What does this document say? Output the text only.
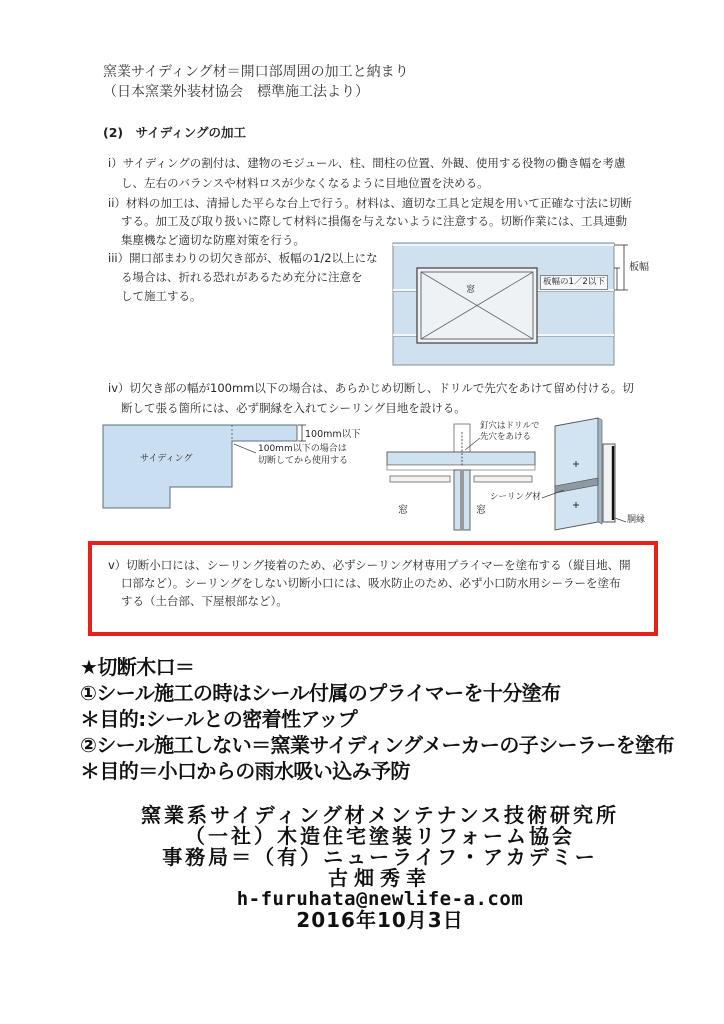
窯業サイディング材＝開口部周囲の加工と納まり
（日本窯業外装材協会　標準施工法より）
(2)　サイディングの加工
i）サイディングの割付は、建物のモジュール、柱、間柱の位置、外観、使用する役物の働き幅を考慮
し、左右のバランスや材料ロスが少なくなるように目地位置を決める。
ii）材料の加工は、清掃した平らな台上で行う。材料は、適切な工具と定規を用いて正確な寸法に切断
する。加工及び取り扱いに際して材料に損傷を与えないように注意する。切断作業には、工具連動
集塵機など適切な防塵対策を行う。
iii）開口部まわりの切欠き部が、板幅の1/2以上にな
る場合は、折れる恐れがあるため充分に注意を
して施工する。	窓
板幅の1／2以下
板幅
iv）切欠き部の幅が100mm以下の場合は、あらかじめ切断し、ドリルで先穴をあけて留め付ける。切
断して張る箇所には、必ず胴縁を入れてシーリング目地を設ける。
100mm以下
サイディング
100mm以下の場合は
切断してから使用する
釘穴はドリルで
先穴をあける
窓	窓
シーリング材
胴縁
v）切断小口には、シーリング接着のため、必ずシーリング材専用プライマーを塗布する（縦目地、開
口部など）。シーリングをしない切断小口には、吸水防止のため、必ず小口防水用シーラーを塗布
する（土台部、下屋根部など）。
★切断木口＝
①シール施工の時はシール付属のプライマーを十分塗布
＊目的:シールとの密着性アップ
②シール施工しない＝窯業サイディングメーカーの子シーラーを塗布
＊目的＝小口からの雨水吸い込み予防
窯業系サイディング材メンテナンス技術研究所
（一社）木造住宅塗装リフォーム協会
事務局＝（有）ニューライフ・アカデミー
古畑秀幸
h-furuhata@newlife-a.com
2016年10月3日
